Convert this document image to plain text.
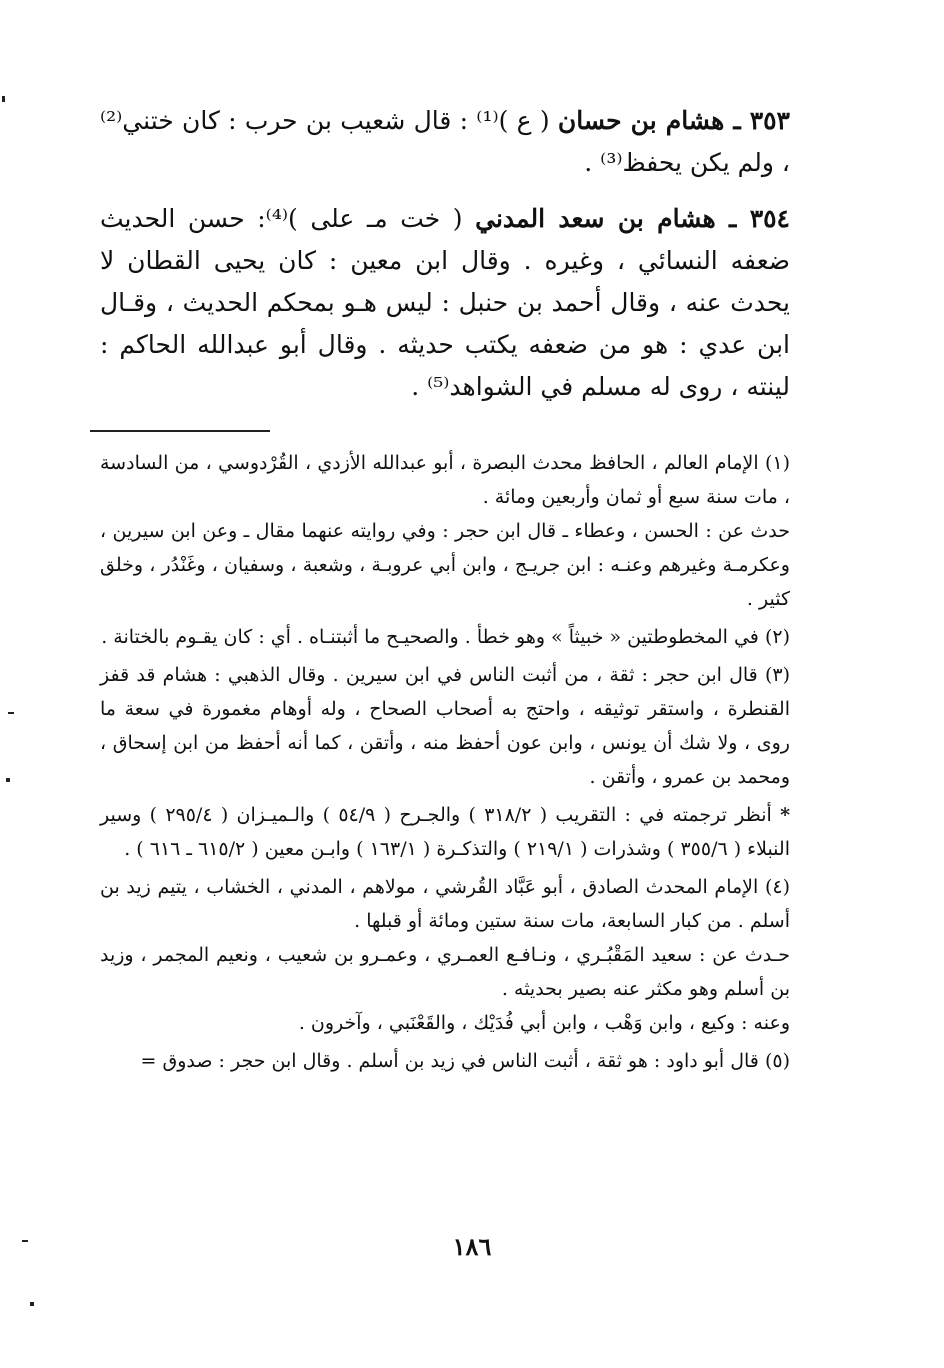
٣٥٣ ـ هشام بن حسان ( ع )⁽¹⁾ : قال شعيب بن حرب : كان ختني⁽²⁾ ، ولم يكن يحفظ⁽³⁾ .

٣٥٤ ـ هشام بن سعد المدني ( خت مـ على )⁽⁴⁾: حسن الحديث ضعفه النسائي ، وغيره . وقال ابن معين : كان يحيى القطان لا يحدث عنه ، وقال أحمد بن حنبل : ليس هـو بمحكم الحديث ، وقـال ابن عدي : هو من ضعفه يكتب حديثه . وقال أبو عبدالله الحاكم : لينته ، روى له مسلم في الشواهد⁽⁵⁾ .

(١) الإمام العالم ، الحافظ محدث البصرة ، أبو عبدالله الأزدي ، القُرْدوسي ، من السادسة ، مات سنة سبع أو ثمان وأربعين ومائة .

حدث عن : الحسن ، وعطاء ـ قال ابن حجر : وفي روايته عنهما مقال ـ وعن ابن سيرين ، وعكرمـة وغيرهم وعنـه : ابن جريـج ، وابن أبي عروبـة ، وشعبة ، وسفيان ، وغَنْدُر ، وخلق كثير .

(٢) في المخطوطتين « خبيثاً » وهو خطأ . والصحيـح ما أثبتنـاه . أي : كان يقـوم بالختانة .

(٣) قال ابن حجر : ثقة ، من أثبت الناس في ابن سيرين . وقال الذهبي : هشام قد قفز القنطرة ، واستقر توثيقه ، واحتج به أصحاب الصحاح ، وله أوهام مغمورة في سعة ما روى ، ولا شك أن يونس ، وابن عون أحفظ منه ، وأتقن ، كما أنه أحفظ من ابن إسحاق ، ومحمد بن عمرو ، وأتقن .

* أنظر ترجمته في : التقريب ( ٣١٨/٢ ) والجـرح ( ٥٤/٩ ) والـميـزان ( ٢٩٥/٤ ) وسير النبلاء ( ٣٥٥/٦ ) وشذرات ( ٢١٩/١ ) والتذكـرة ( ١٦٣/١ ) وابـن معين ( ٦١٥/٢ ـ ٦١٦ ) .

(٤) الإمام المحدث الصادق ، أبو عَبَّاد القُرشي ، مولاهم ، المدني ، الخشاب ، يتيم زيد بن أسلم . من كبار السابعة، مات سنة ستين ومائة أو قبلها .

حـدث عن : سعيد المَقْبُـري ، ونـافـع العمـري ، وعمـرو بن شعيب ، ونعيم المجمر ، وزيد بن أسلم وهو مكثر عنه بصير بحديثه .

وعنه : وكيع ، وابن وَهْب ، وابن أبي فُدَيْك ، والقَعْنَبي ، وآخرون .

(٥) قال أبو داود : هو ثقة ، أثبت الناس في زيد بن أسلم . وقال ابن حجر : صدوق =

١٨٦
